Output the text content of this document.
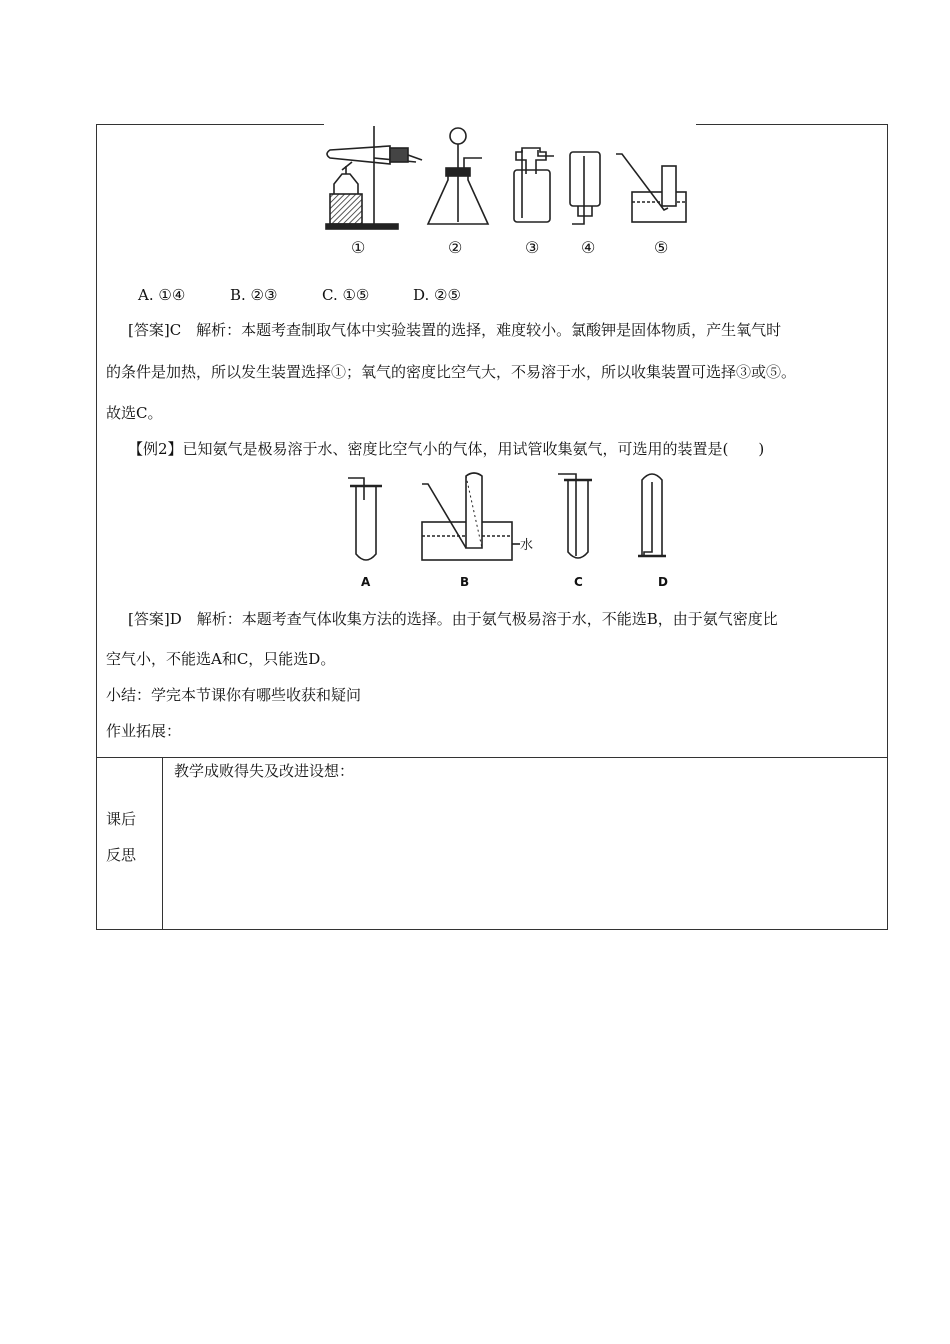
①	②	③	④	⑤
A. ①④	B. ②③	C. ①⑤	D. ②⑤
[答案]C　解析：本题考查制取气体中实验装置的选择，难度较小。氯酸钾是固体物质，产生氧气时
的条件是加热，所以发生装置选择①；氧气的密度比空气大，不易溶于水，所以收集装置可选择③或⑤。
故选C。
【例2】已知氨气是极易溶于水、密度比空气小的气体，用试管收集氨气，可选用的装置是(　　)
水
A	B	C	D
[答案]D　解析：本题考查气体收集方法的选择。由于氨气极易溶于水，不能选B，由于氨气密度比
空气小，不能选A和C，只能选D。
小结：学完本节课你有哪些收获和疑问
作业拓展：
课后
反思
教学成败得失及改进设想：
